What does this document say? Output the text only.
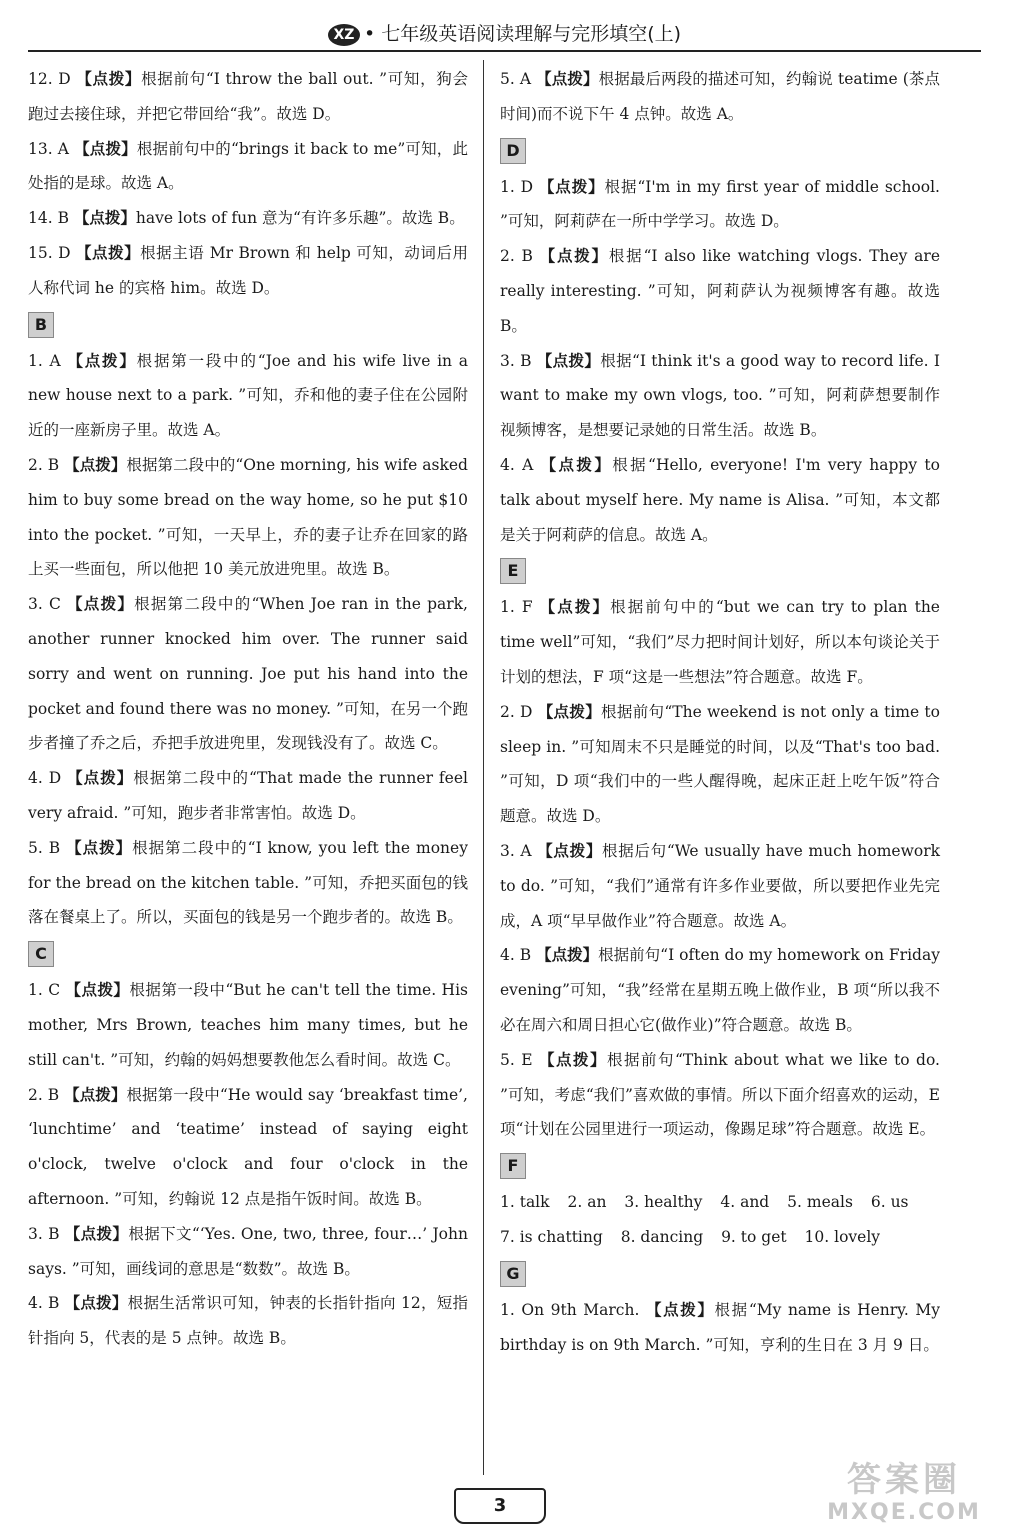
XZ • 七年级英语阅读理解与完形填空(上)
12. D 【点拨】根据前句“I throw the ball out. ”可知，狗会跑过去接住球，并把它带回给“我”。故选 D。
13. A 【点拨】根据前句中的“brings it back to me”可知，此处指的是球。故选 A。
14. B 【点拨】have lots of fun 意为“有许多乐趣”。故选 B。
15. D 【点拨】根据主语 Mr Brown 和 help 可知，动词后用人称代词 he 的宾格 him。故选 D。
B
1. A 【点拨】根据第一段中的“Joe and his wife live in a new house next to a park. ”可知，乔和他的妻子住在公园附近的一座新房子里。故选 A。
2. B 【点拨】根据第二段中的“One morning, his wife asked him to buy some bread on the way home, so he put $10 into the pocket. ”可知，一天早上，乔的妻子让乔在回家的路上买一些面包，所以他把 10 美元放进兜里。故选 B。
3. C 【点拨】根据第二段中的“When Joe ran in the park, another runner knocked him over. The runner said sorry and went on running. Joe put his hand into the pocket and found there was no money. ”可知，在另一个跑步者撞了乔之后，乔把手放进兜里，发现钱没有了。故选 C。
4. D 【点拨】根据第二段中的“That made the runner feel very afraid. ”可知，跑步者非常害怕。故选 D。
5. B 【点拨】根据第二段中的“I know, you left the money for the bread on the kitchen table. ”可知，乔把买面包的钱落在餐桌上了。所以，买面包的钱是另一个跑步者的。故选 B。
C
1. C 【点拨】根据第一段中“But he can't tell the time. His mother, Mrs Brown, teaches him many times, but he still can't. ”可知，约翰的妈妈想要教他怎么看时间。故选 C。
2. B 【点拨】根据第一段中“He would say ‘breakfast time’, ‘lunchtime’ and ‘teatime’ instead of saying eight o'clock, twelve o'clock and four o'clock in the afternoon. ”可知，约翰说 12 点是指午饭时间。故选 B。
3. B 【点拨】根据下文“‘Yes. One, two, three, four…’ John says. ”可知，画线词的意思是“数数”。故选 B。
4. B 【点拨】根据生活常识可知，钟表的长指针指向 12，短指针指向 5，代表的是 5 点钟。故选 B。
5. A 【点拨】根据最后两段的描述可知，约翰说 teatime (茶点时间)而不说下午 4 点钟。故选 A。
D
1. D 【点拨】根据“I'm in my first year of middle school. ”可知，阿莉萨在一所中学学习。故选 D。
2. B 【点拨】根据“I also like watching vlogs. They are really interesting. ”可知，阿莉萨认为视频博客有趣。故选 B。
3. B 【点拨】根据“I think it's a good way to record life. I want to make my own vlogs, too. ”可知，阿莉萨想要制作视频博客，是想要记录她的日常生活。故选 B。
4. A 【点拨】根据“Hello, everyone! I'm very happy to talk about myself here. My name is Alisa. ”可知，本文都是关于阿莉萨的信息。故选 A。
E
1. F 【点拨】根据前句中的“but we can try to plan the time well”可知，“我们”尽力把时间计划好，所以本句谈论关于计划的想法，F 项“这是一些想法”符合题意。故选 F。
2. D 【点拨】根据前句“The weekend is not only a time to sleep in. ”可知周末不只是睡觉的时间，以及“That's too bad. ”可知，D 项“我们中的一些人醒得晚，起床正赶上吃午饭”符合题意。故选 D。
3. A 【点拨】根据后句“We usually have much homework to do. ”可知，“我们”通常有许多作业要做，所以要把作业先完成，A 项“早早做作业”符合题意。故选 A。
4. B 【点拨】根据前句“I often do my homework on Friday evening”可知，“我”经常在星期五晚上做作业，B 项“所以我不必在周六和周日担心它(做作业)”符合题意。故选 B。
5. E 【点拨】根据前句“Think about what we like to do. ”可知，考虑“我们”喜欢做的事情。所以下面介绍喜欢的运动，E 项“计划在公园里进行一项运动，像踢足球”符合题意。故选 E。
F
1. talk 2. an 3. healthy 4. and 5. meals 6. us
7. is chatting 8. dancing 9. to get 10. lovely
G
1. On 9th March. 【点拨】根据“My name is Henry. My birthday is on 9th March. ”可知，亨利的生日在 3 月 9 日。
3
答案圈
MXQE.COM
